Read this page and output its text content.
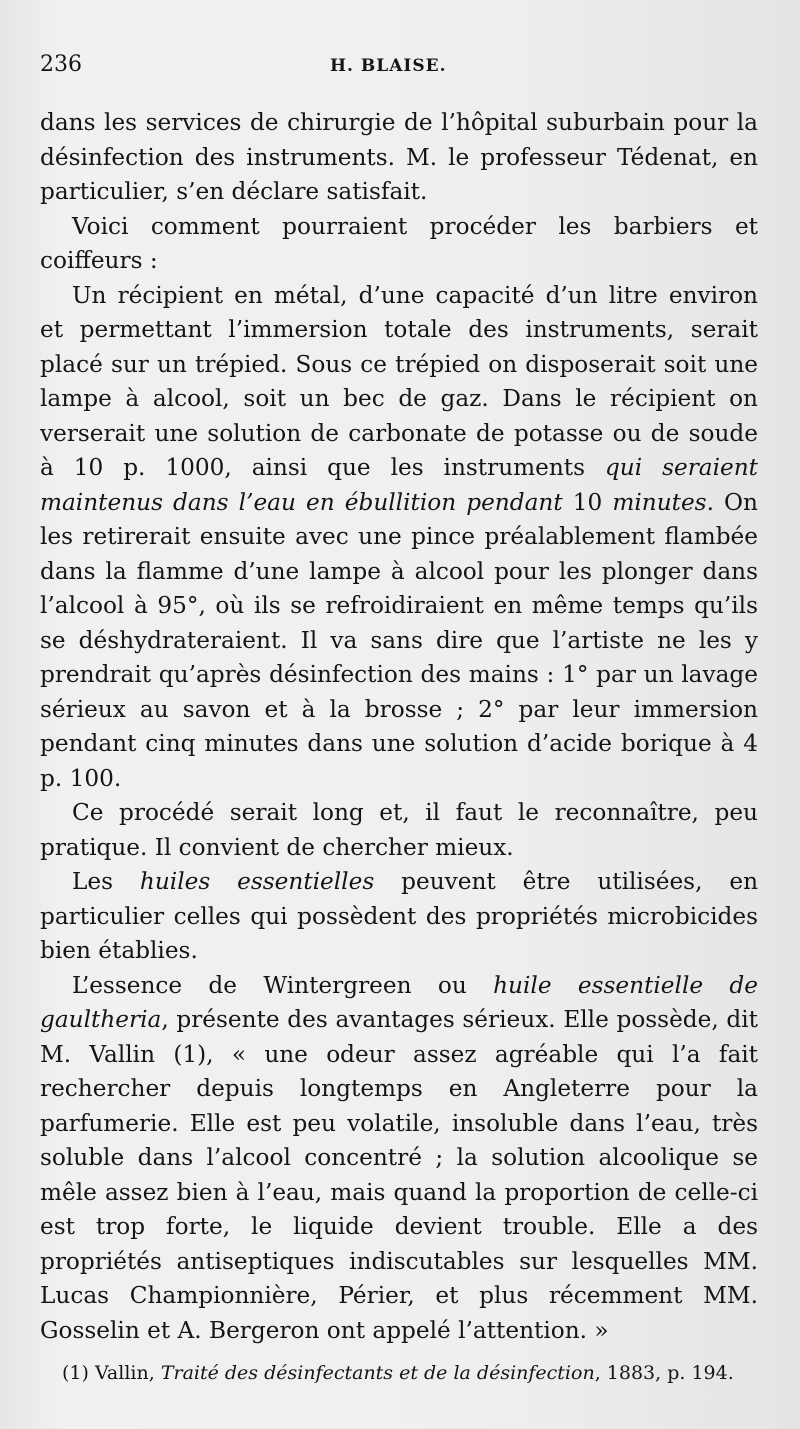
236	H. BLAISE.

dans les services de chirurgie de l’hôpital suburbain pour la désinfection des instruments. M. le professeur Tédenat, en particulier, s’en déclare satisfait.

Voici comment pourraient procéder les barbiers et coiffeurs :

Un récipient en métal, d’une capacité d’un litre environ et permettant l’immersion totale des instruments, serait placé sur un trépied. Sous ce trépied on disposerait soit une lampe à alcool, soit un bec de gaz. Dans le récipient on verserait une solution de carbonate de potasse ou de soude à 10 p. 1000, ainsi que les instruments qui seraient maintenus dans l’eau en ébullition pendant 10 minutes. On les retirerait ensuite avec une pince préalablement flambée dans la flamme d’une lampe à alcool pour les plonger dans l’alcool à 95°, où ils se refroidiraient en même temps qu’ils se déshydrateraient. Il va sans dire que l’artiste ne les y prendrait qu’après désinfection des mains : 1° par un lavage sérieux au savon et à la brosse ; 2° par leur immersion pendant cinq minutes dans une solution d’acide borique à 4 p. 100.

Ce procédé serait long et, il faut le reconnaître, peu pratique. Il convient de chercher mieux.

Les huiles essentielles peuvent être utilisées, en particulier celles qui possèdent des propriétés microbicides bien établies.

L’essence de Wintergreen ou huile essentielle de gaultheria, présente des avantages sérieux. Elle possède, dit M. Vallin (1), « une odeur assez agréable qui l’a fait rechercher depuis longtemps en Angleterre pour la parfumerie. Elle est peu volatile, insoluble dans l’eau, très soluble dans l’alcool concentré ; la solution alcoolique se mêle assez bien à l’eau, mais quand la proportion de celle-ci est trop forte, le liquide devient trouble. Elle a des propriétés antiseptiques indiscutables sur lesquelles MM. Lucas Championnière, Périer, et plus récemment MM. Gosselin et A. Bergeron ont appelé l’attention. »

(1) Vallin, Traité des désinfectants et de la désinfection, 1883, p. 194.
